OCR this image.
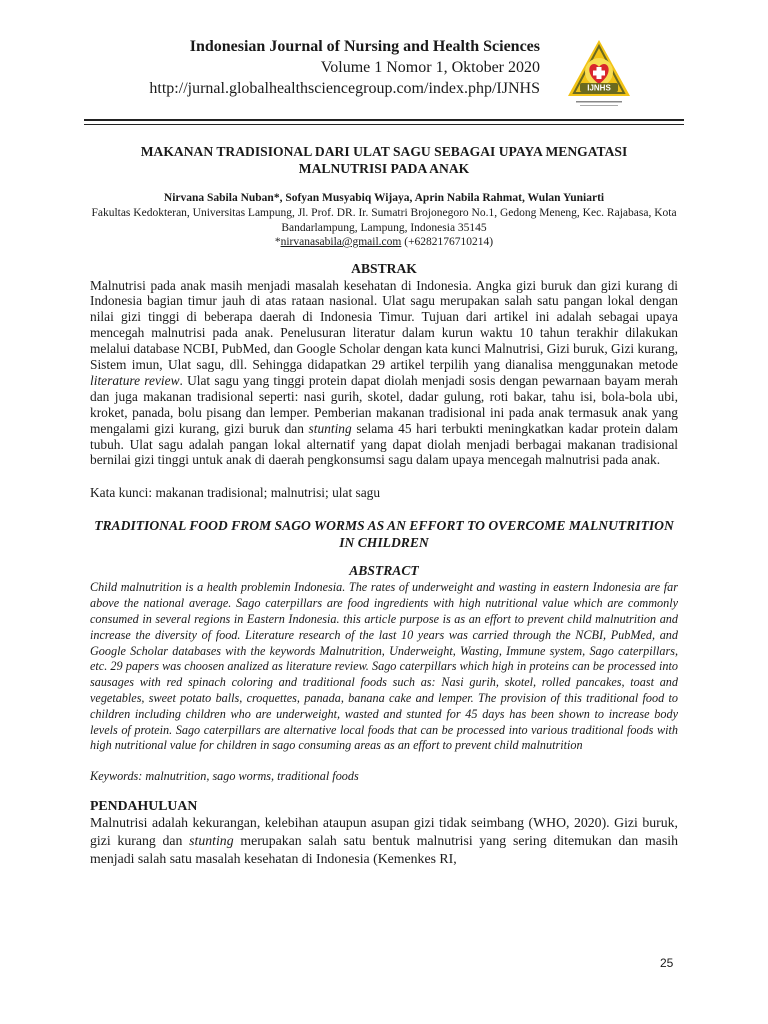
Indonesian Journal of Nursing and Health Sciences
Volume 1 Nomor 1, Oktober 2020
http://jurnal.globalhealthsciencegroup.com/index.php/IJNHS	IJNHS
MAKANAN TRADISIONAL DARI ULAT SAGU SEBAGAI UPAYA MENGATASI MALNUTRISI PADA ANAK
Nirvana Sabila Nuban*, Sofyan Musyabiq Wijaya, Aprin Nabila Rahmat, Wulan Yuniarti
Fakultas Kedokteran, Universitas Lampung, Jl. Prof. DR. Ir. Sumatri Brojonegoro No.1, Gedong Meneng, Kec. Rajabasa, Kota Bandarlampung, Lampung, Indonesia 35145
*nirvanasabila@gmail.com (+6282176710214)
ABSTRAK

Malnutrisi pada anak masih menjadi masalah kesehatan di Indonesia. Angka gizi buruk dan gizi kurang di Indonesia bagian timur jauh di atas rataan nasional. Ulat sagu merupakan salah satu pangan lokal dengan nilai gizi tinggi di beberapa daerah di Indonesia Timur. Tujuan dari artikel ini adalah sebagai upaya mencegah malnutrisi pada anak. Penelusuran literatur dalam kurun waktu 10 tahun terakhir dilakukan melalui database NCBI, PubMed, dan Google Scholar dengan kata kunci Malnutrisi, Gizi buruk, Gizi kurang, Sistem imun, Ulat sagu, dll. Sehingga didapatkan 29 artikel terpilih yang dianalisa menggunakan metode literature review. Ulat sagu yang tinggi protein dapat diolah menjadi sosis dengan pewarnaan bayam merah dan juga makanan tradisional seperti: nasi gurih, skotel, dadar gulung, roti bakar, tahu isi, bola-bola ubi, kroket, panada, bolu pisang dan lemper. Pemberian makanan tradisional ini pada anak termasuk anak yang mengalami gizi kurang, gizi buruk dan stunting selama 45 hari terbukti meningkatkan kadar protein dalam tubuh. Ulat sagu adalah pangan lokal alternatif yang dapat diolah menjadi berbagai makanan tradisional bernilai gizi tinggi untuk anak di daerah pengkonsumsi sagu dalam upaya mencegah malnutrisi pada anak.

Kata kunci: makanan tradisional; malnutrisi; ulat sagu
TRADITIONAL FOOD FROM SAGO WORMS AS AN EFFORT TO OVERCOME MALNUTRITION IN CHILDREN
ABSTRACT

Child malnutrition is a health problemin Indonesia. The rates of underweight and wasting in eastern Indonesia are far above the national average. Sago caterpillars are food ingredients with high nutritional value which are commonly consumed in several regions in Eastern Indonesia. this article purpose is as an effort to prevent child malnutrition and increase the diversity of food. Literature research of the last 10 years was carried through the NCBI, PubMed, and Google Scholar databases with the keywords Malnutrition, Underweight, Wasting, Immune system, Sago caterpillars, etc. 29 papers was choosen analized as literature review. Sago caterpillars which high in proteins can be processed into sausages with red spinach coloring and traditional foods such as: Nasi gurih, skotel, rolled pancakes, toast and vegetables, sweet potato balls, croquettes, panada, banana cake and lemper. The provision of this traditional food to children including children who are underweight, wasted and stunted for 45 days has been shown to increase body levels of protein. Sago caterpillars are alternative local foods that can be processed into various traditional foods with high nutritional value for children in sago consuming areas as an effort to prevent child malnutrition

Keywords: malnutrition, sago worms, traditional foods
PENDAHULUAN

Malnutrisi adalah kekurangan, kelebihan ataupun asupan gizi tidak seimbang (WHO, 2020). Gizi buruk, gizi kurang dan stunting merupakan salah satu bentuk malnutrisi yang sering ditemukan dan masih menjadi salah satu masalah kesehatan di Indonesia (Kemenkes RI,

25
